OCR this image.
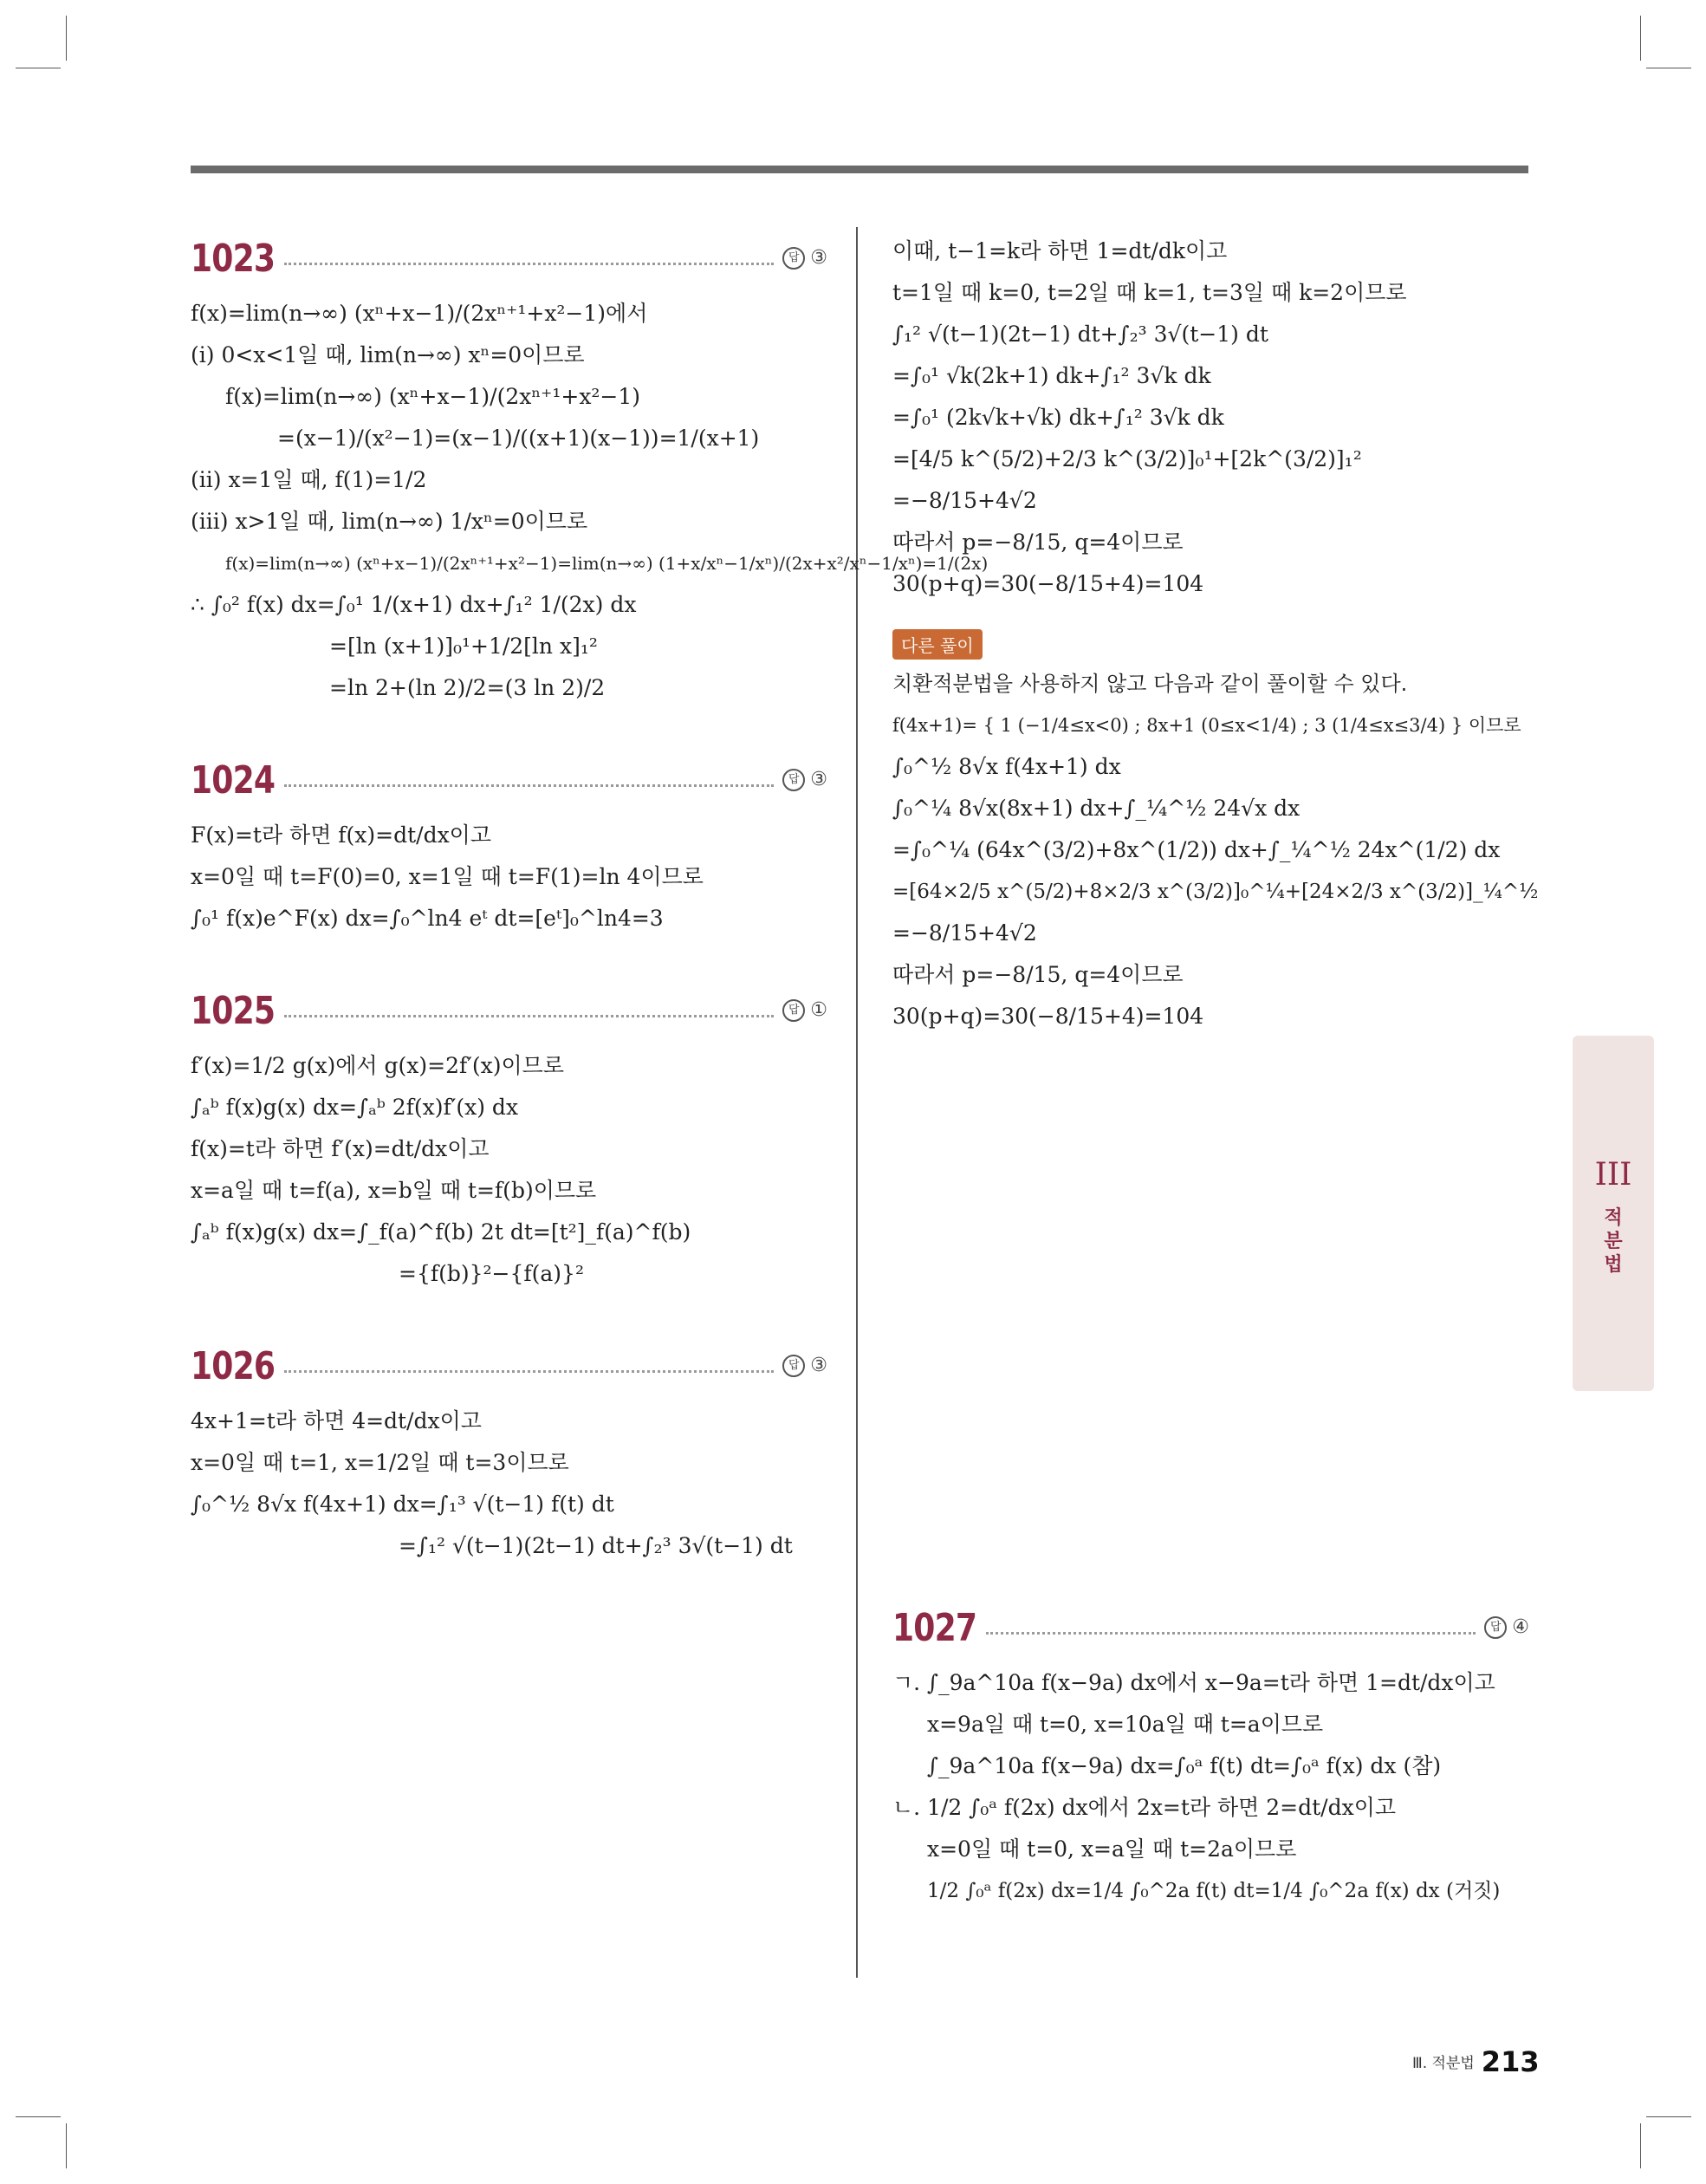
1023	답 ③
f(x)=lim(n→∞) (xⁿ+x−1)/(2xⁿ⁺¹+x²−1)에서
(i) 0<x<1일 때, lim(n→∞) xⁿ=0이므로
f(x)=lim(n→∞) (xⁿ+x−1)/(2xⁿ⁺¹+x²−1)
=(x−1)/(x²−1)=(x−1)/((x+1)(x−1))=1/(x+1)
(ii) x=1일 때, f(1)=1/2
(iii) x>1일 때, lim(n→∞) 1/xⁿ=0이므로
f(x)=lim(n→∞) (xⁿ+x−1)/(2xⁿ⁺¹+x²−1)=lim(n→∞) (1+x/xⁿ−1/xⁿ)/(2x+x²/xⁿ−1/xⁿ)=1/(2x)
∴ ∫₀² f(x) dx=∫₀¹ 1/(x+1) dx+∫₁² 1/(2x) dx
=[ln (x+1)]₀¹+1/2[ln x]₁²
=ln 2+(ln 2)/2=(3 ln 2)/2
1024	답 ③
F(x)=t라 하면 f(x)=dt/dx이고
x=0일 때 t=F(0)=0, x=1일 때 t=F(1)=ln 4이므로
∫₀¹ f(x)e^F(x) dx=∫₀^ln4 eᵗ dt=[eᵗ]₀^ln4=3
1025	답 ①
f′(x)=1/2 g(x)에서 g(x)=2f′(x)이므로
∫ₐᵇ f(x)g(x) dx=∫ₐᵇ 2f(x)f′(x) dx
f(x)=t라 하면 f′(x)=dt/dx이고
x=a일 때 t=f(a), x=b일 때 t=f(b)이므로
∫ₐᵇ f(x)g(x) dx=∫_f(a)^f(b) 2t dt=[t²]_f(a)^f(b)
={f(b)}²−{f(a)}²
1026	답 ③
4x+1=t라 하면 4=dt/dx이고
x=0일 때 t=1, x=1/2일 때 t=3이므로
∫₀^½ 8√x f(4x+1) dx=∫₁³ √(t−1) f(t) dt
=∫₁² √(t−1)(2t−1) dt+∫₂³ 3√(t−1) dt
이때, t−1=k라 하면 1=dt/dk이고
t=1일 때 k=0, t=2일 때 k=1, t=3일 때 k=2이므로
∫₁² √(t−1)(2t−1) dt+∫₂³ 3√(t−1) dt
=∫₀¹ √k(2k+1) dk+∫₁² 3√k dk
=∫₀¹ (2k√k+√k) dk+∫₁² 3√k dk
=[4/5 k^(5/2)+2/3 k^(3/2)]₀¹+[2k^(3/2)]₁²
=−8/15+4√2
따라서 p=−8/15, q=4이므로
30(p+q)=30(−8/15+4)=104
다른 풀이
치환적분법을 사용하지 않고 다음과 같이 풀이할 수 있다.
f(4x+1)= { 1 (−1/4≤x<0) ; 8x+1 (0≤x<1/4) ; 3 (1/4≤x≤3/4) } 이므로
∫₀^½ 8√x f(4x+1) dx
∫₀^¼ 8√x(8x+1) dx+∫_¼^½ 24√x dx
=∫₀^¼ (64x^(3/2)+8x^(1/2)) dx+∫_¼^½ 24x^(1/2) dx
=[64×2/5 x^(5/2)+8×2/3 x^(3/2)]₀^¼+[24×2/3 x^(3/2)]_¼^½
=−8/15+4√2
따라서 p=−8/15, q=4이므로
30(p+q)=30(−8/15+4)=104
1027	답 ④
ㄱ. ∫_9a^10a f(x−9a) dx에서 x−9a=t라 하면 1=dt/dx이고
x=9a일 때 t=0, x=10a일 때 t=a이므로
∫_9a^10a f(x−9a) dx=∫₀ᵃ f(t) dt=∫₀ᵃ f(x) dx (참)
ㄴ. 1/2 ∫₀ᵃ f(2x) dx에서 2x=t라 하면 2=dt/dx이고
x=0일 때 t=0, x=a일 때 t=2a이므로
1/2 ∫₀ᵃ f(2x) dx=1/4 ∫₀^2a f(t) dt=1/4 ∫₀^2a f(x) dx (거짓)
III
적
분
법
Ⅲ. 적분법 213
